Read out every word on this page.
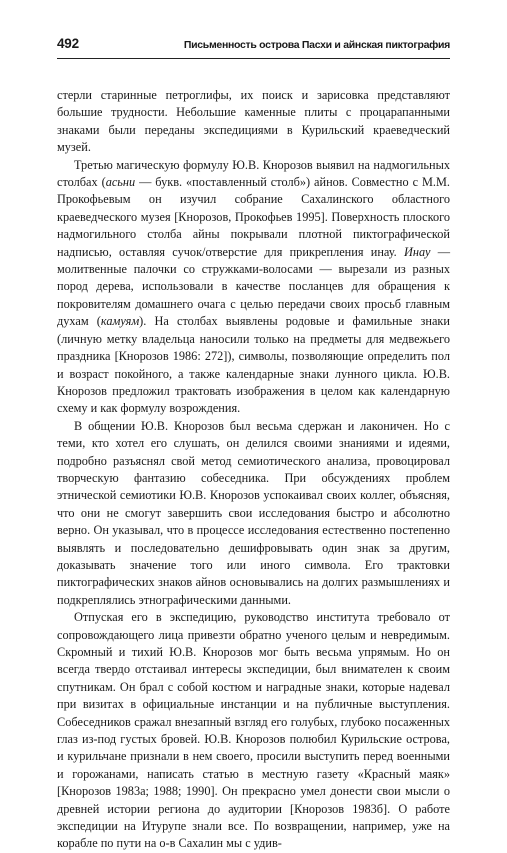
492	Письменность острова Пасхи и айнская пиктография

стерли старинные петроглифы, их поиск и зарисовка представляют большие трудности. Небольшие каменные плиты с процарапанными знаками были переданы экспедициями в Курильский краеведческий музей.

Третью магическую формулу Ю.В. Кнорозов выявил на надмогильных столбах (асьни — букв. «поставленный столб») айнов. Совместно с М.М. Прокофьевым он изучил собрание Сахалинского областного краеведческого музея [Кнорозов, Прокофьев 1995]. Поверхность плоского надмогильного столба айны покрывали плотной пиктографической надписью, оставляя сучок/отверстие для прикрепления инау. Инау — молитвенные палочки со стружками-волосами — вырезали из разных пород дерева, использовали в качестве посланцев для обращения к покровителям домашнего очага с целью передачи своих просьб главным духам (камуям). На столбах выявлены родовые и фамильные знаки (личную метку владельца наносили только на предметы для медвежьего праздника [Кнорозов 1986: 272]), символы, позволяющие определить пол и возраст покойного, а также календарные знаки лунного цикла. Ю.В. Кнорозов предложил трактовать изображения в целом как календарную схему и как формулу возрождения.

В общении Ю.В. Кнорозов был весьма сдержан и лаконичен. Но с теми, кто хотел его слушать, он делился своими знаниями и идеями, подробно разъяснял свой метод семиотического анализа, провоцировал творческую фантазию собеседника. При обсуждениях проблем этнической семиотики Ю.В. Кнорозов успокаивал своих коллег, объясняя, что они не смогут завершить свои исследования быстро и абсолютно верно. Он указывал, что в процессе исследования естественно постепенно выявлять и последовательно дешифровывать один знак за другим, доказывать значение того или иного символа. Его трактовки пиктографических знаков айнов основывались на долгих размышлениях и подкреплялись этнографическими данными.

Отпуская его в экспедицию, руководство института требовало от сопровождающего лица привезти обратно ученого целым и невредимым. Скромный и тихий Ю.В. Кнорозов мог быть весьма упрямым. Но он всегда твердо отстаивал интересы экспедиции, был внимателен к своим спутникам. Он брал с собой костюм и наградные знаки, которые надевал при визитах в официальные инстанции и на публичные выступления. Собеседников сражал внезапный взгляд его голубых, глубоко посаженных глаз из-под густых бровей. Ю.В. Кнорозов полюбил Курильские острова, и курильчане признали в нем своего, просили выступить перед военными и горожанами, написать статью в местную газету «Красный маяк» [Кнорозов 1983а; 1988; 1990]. Он прекрасно умел донести свои мысли о древней истории региона до аудитории [Кнорозов 1983б]. О работе экспедиции на Итурупе знали все. По возвращении, например, уже на корабле по пути на о-в Сахалин мы с удив-
